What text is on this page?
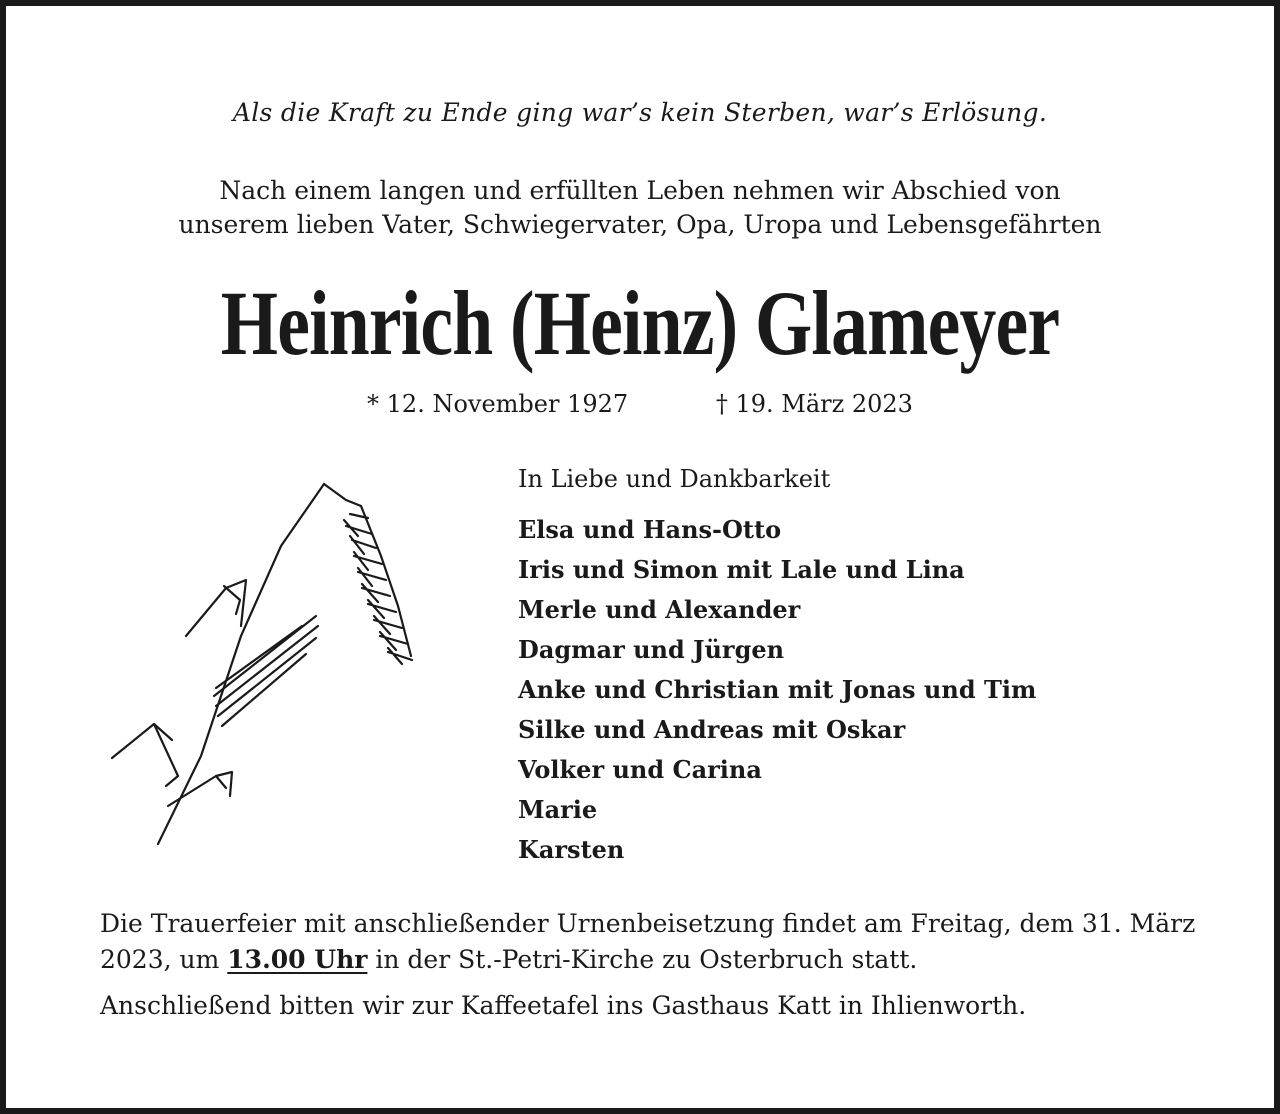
Als die Kraft zu Ende ging war’s kein Sterben, war’s Erlösung.
Nach einem langen und erfüllten Leben nehmen wir Abschied von
unserem lieben Vater, Schwiegervater, Opa, Uropa und Lebensgefährten
Heinrich (Heinz) Glameyer
* 12. November 1927	† 19. März 2023
In Liebe und Dankbarkeit
Elsa und Hans-Otto
Iris und Simon mit Lale und Lina
Merle und Alexander
Dagmar und Jürgen
Anke und Christian mit Jonas und Tim
Silke und Andreas mit Oskar
Volker und Carina
Marie
Karsten
Die Trauerfeier mit anschließender Urnenbeisetzung findet am Freitag, dem 31. März 2023, um 13.00 Uhr in der St.-Petri-Kirche zu Osterbruch statt.
Anschließend bitten wir zur Kaffeetafel ins Gasthaus Katt in Ihlienworth.
